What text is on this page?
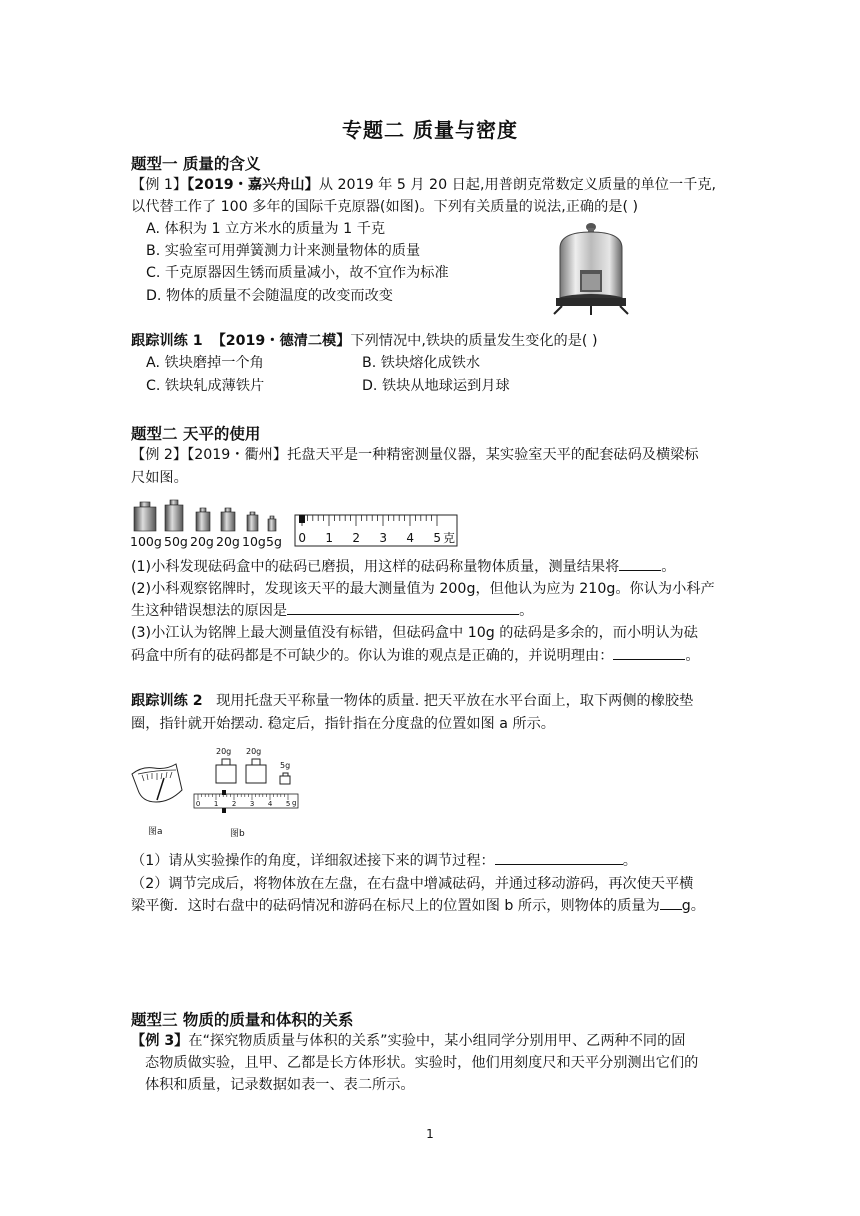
专题二 质量与密度
题型一 质量的含义
【例 1】【2019・嘉兴舟山】从 2019 年 5 月 20 日起,用普朗克常数定义质量的单位一千克,
以代替工作了 100 多年的国际千克原器(如图)。下列有关质量的说法,正确的是( )
A. 体积为 1 立方米水的质量为 1 千克
B. 实验室可用弹簧测力计来测量物体的质量
C. 千克原器因生锈而质量减小，故不宜作为标准
D. 物体的质量不会随温度的改变而改变
跟踪训练 1 【2019・德清二模】下列情况中,铁块的质量发生变化的是( )
A. 铁块磨掉一个角	B. 铁块熔化成铁水
C. 铁块轧成薄铁片	D. 铁块从地球运到月球
题型二 天平的使用
【例 2】【2019・衢州】托盘天平是一种精密测量仪器，某实验室天平的配套砝码及横梁标
尺如图。
100g 50g 20g 20g 10g 5g 0 1 2 3 4 5 克
(1)小科发现砝码盒中的砝码已磨损，用这样的砝码称量物体质量，测量结果将	。
(2)小科观察铭牌时，发现该天平的最大测量值为 200g，但他认为应为 210g。你认为小科产
生这种错误想法的原因是	。
(3)小江认为铭牌上最大测量值没有标错，但砝码盒中 10g 的砝码是多余的，而小明认为砝
码盒中所有的砝码都是不可缺少的。你认为谁的观点是正确的，并说明理由：	。
跟踪训练 2 现用托盘天平称量一物体的质量. 把天平放在水平台面上，取下两侧的橡胶垫
圈，指针就开始摆动. 稳定后，指针指在分度盘的位置如图 a 所示。
图a
20g 20g
5g
0 1 2 3 4 5 g
图b
（1）请从实验操作的角度，详细叙述接下来的调节过程：	。
（2）调节完成后，将物体放在左盘，在右盘中增减砝码，并通过移动游码，再次使天平横
梁平衡．这时右盘中的砝码情况和游码在标尺上的位置如图 b 所示，则物体的质量为 g。
题型三 物质的质量和体积的关系
【例 3】在“探究物质质量与体积的关系”实验中，某小组同学分别用甲、乙两种不同的固
态物质做实验，且甲、乙都是长方体形状。实验时，他们用刻度尺和天平分别测出它们的
体积和质量，记录数据如表一、表二所示。
1
